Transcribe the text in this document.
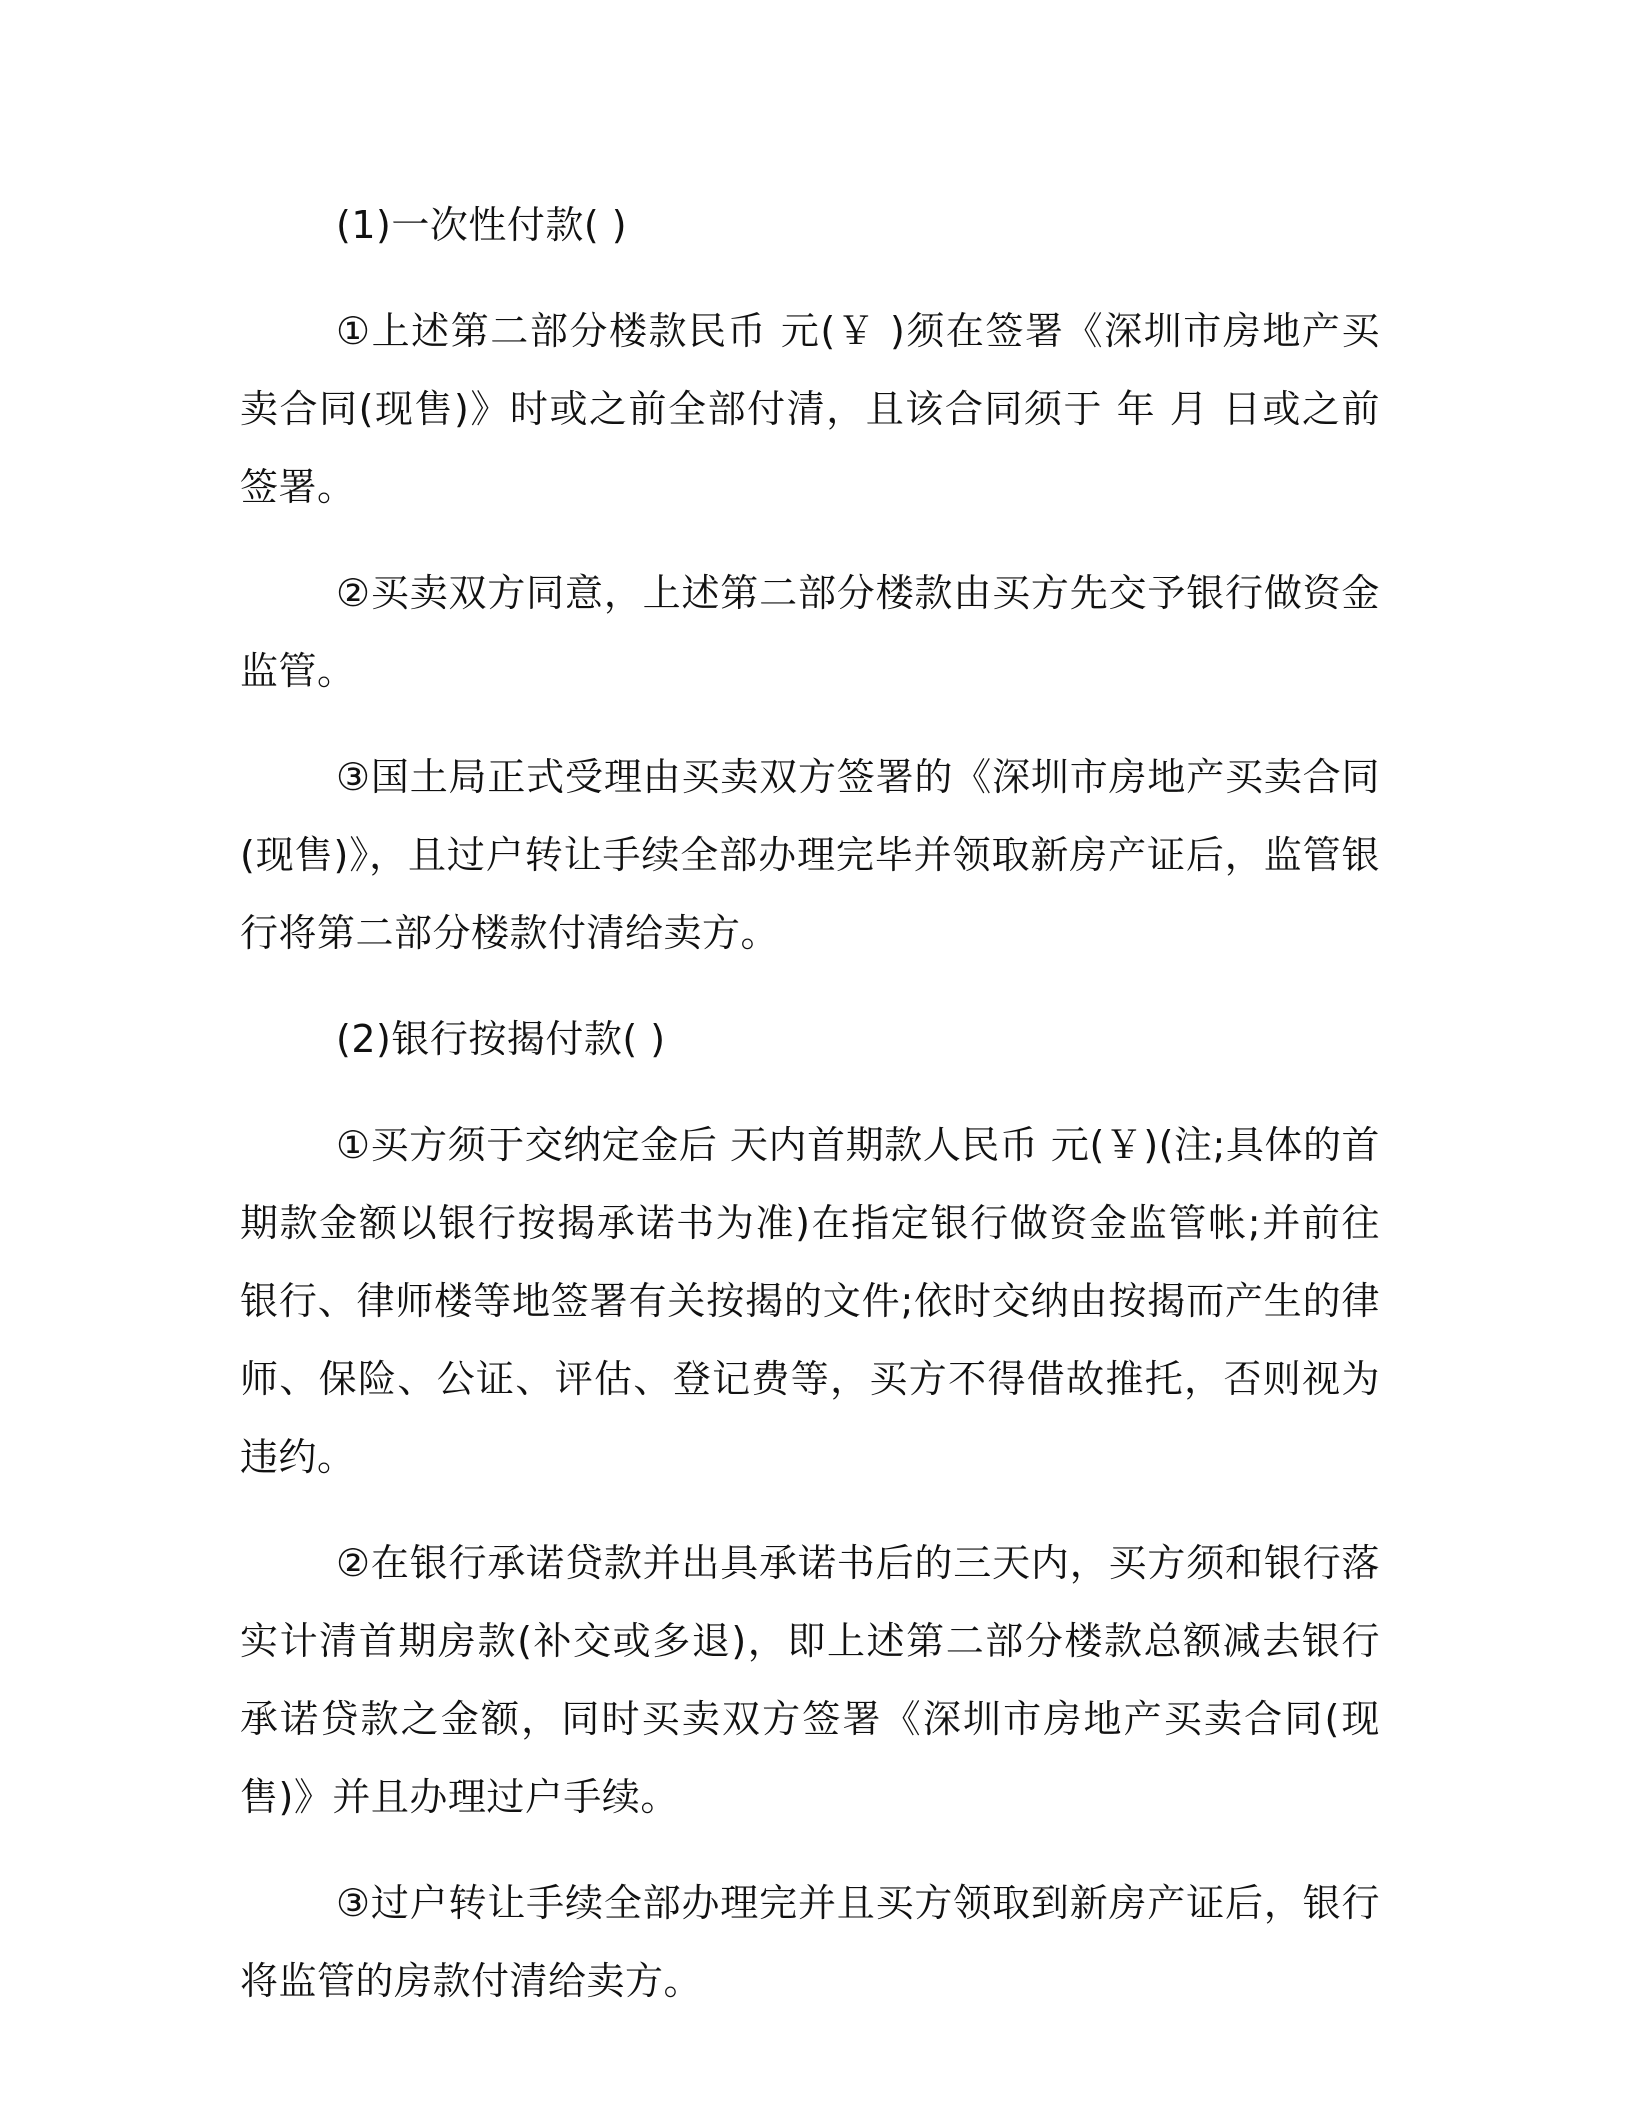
(1)一次性付款( )

①上述第二部分楼款民币 元(￥ )须在签署《深圳市房地产买卖合同(现售)》时或之前全部付清，且该合同须于 年 月 日或之前签署。

②买卖双方同意，上述第二部分楼款由买方先交予银行做资金监管。

③国土局正式受理由买卖双方签署的《深圳市房地产买卖合同(现售)》，且过户转让手续全部办理完毕并领取新房产证后，监管银行将第二部分楼款付清给卖方。

(2)银行按揭付款( )

①买方须于交纳定金后 天内首期款人民币 元(￥)(注;具体的首期款金额以银行按揭承诺书为准)在指定银行做资金监管帐;并前往银行、律师楼等地签署有关按揭的文件;依时交纳由按揭而产生的律师、保险、公证、评估、登记费等，买方不得借故推托，否则视为违约。

②在银行承诺贷款并出具承诺书后的三天内，买方须和银行落实计清首期房款(补交或多退)，即上述第二部分楼款总额减去银行承诺贷款之金额，同时买卖双方签署《深圳市房地产买卖合同(现售)》并且办理过户手续。

③过户转让手续全部办理完并且买方领取到新房产证后，银行将监管的房款付清给卖方。
